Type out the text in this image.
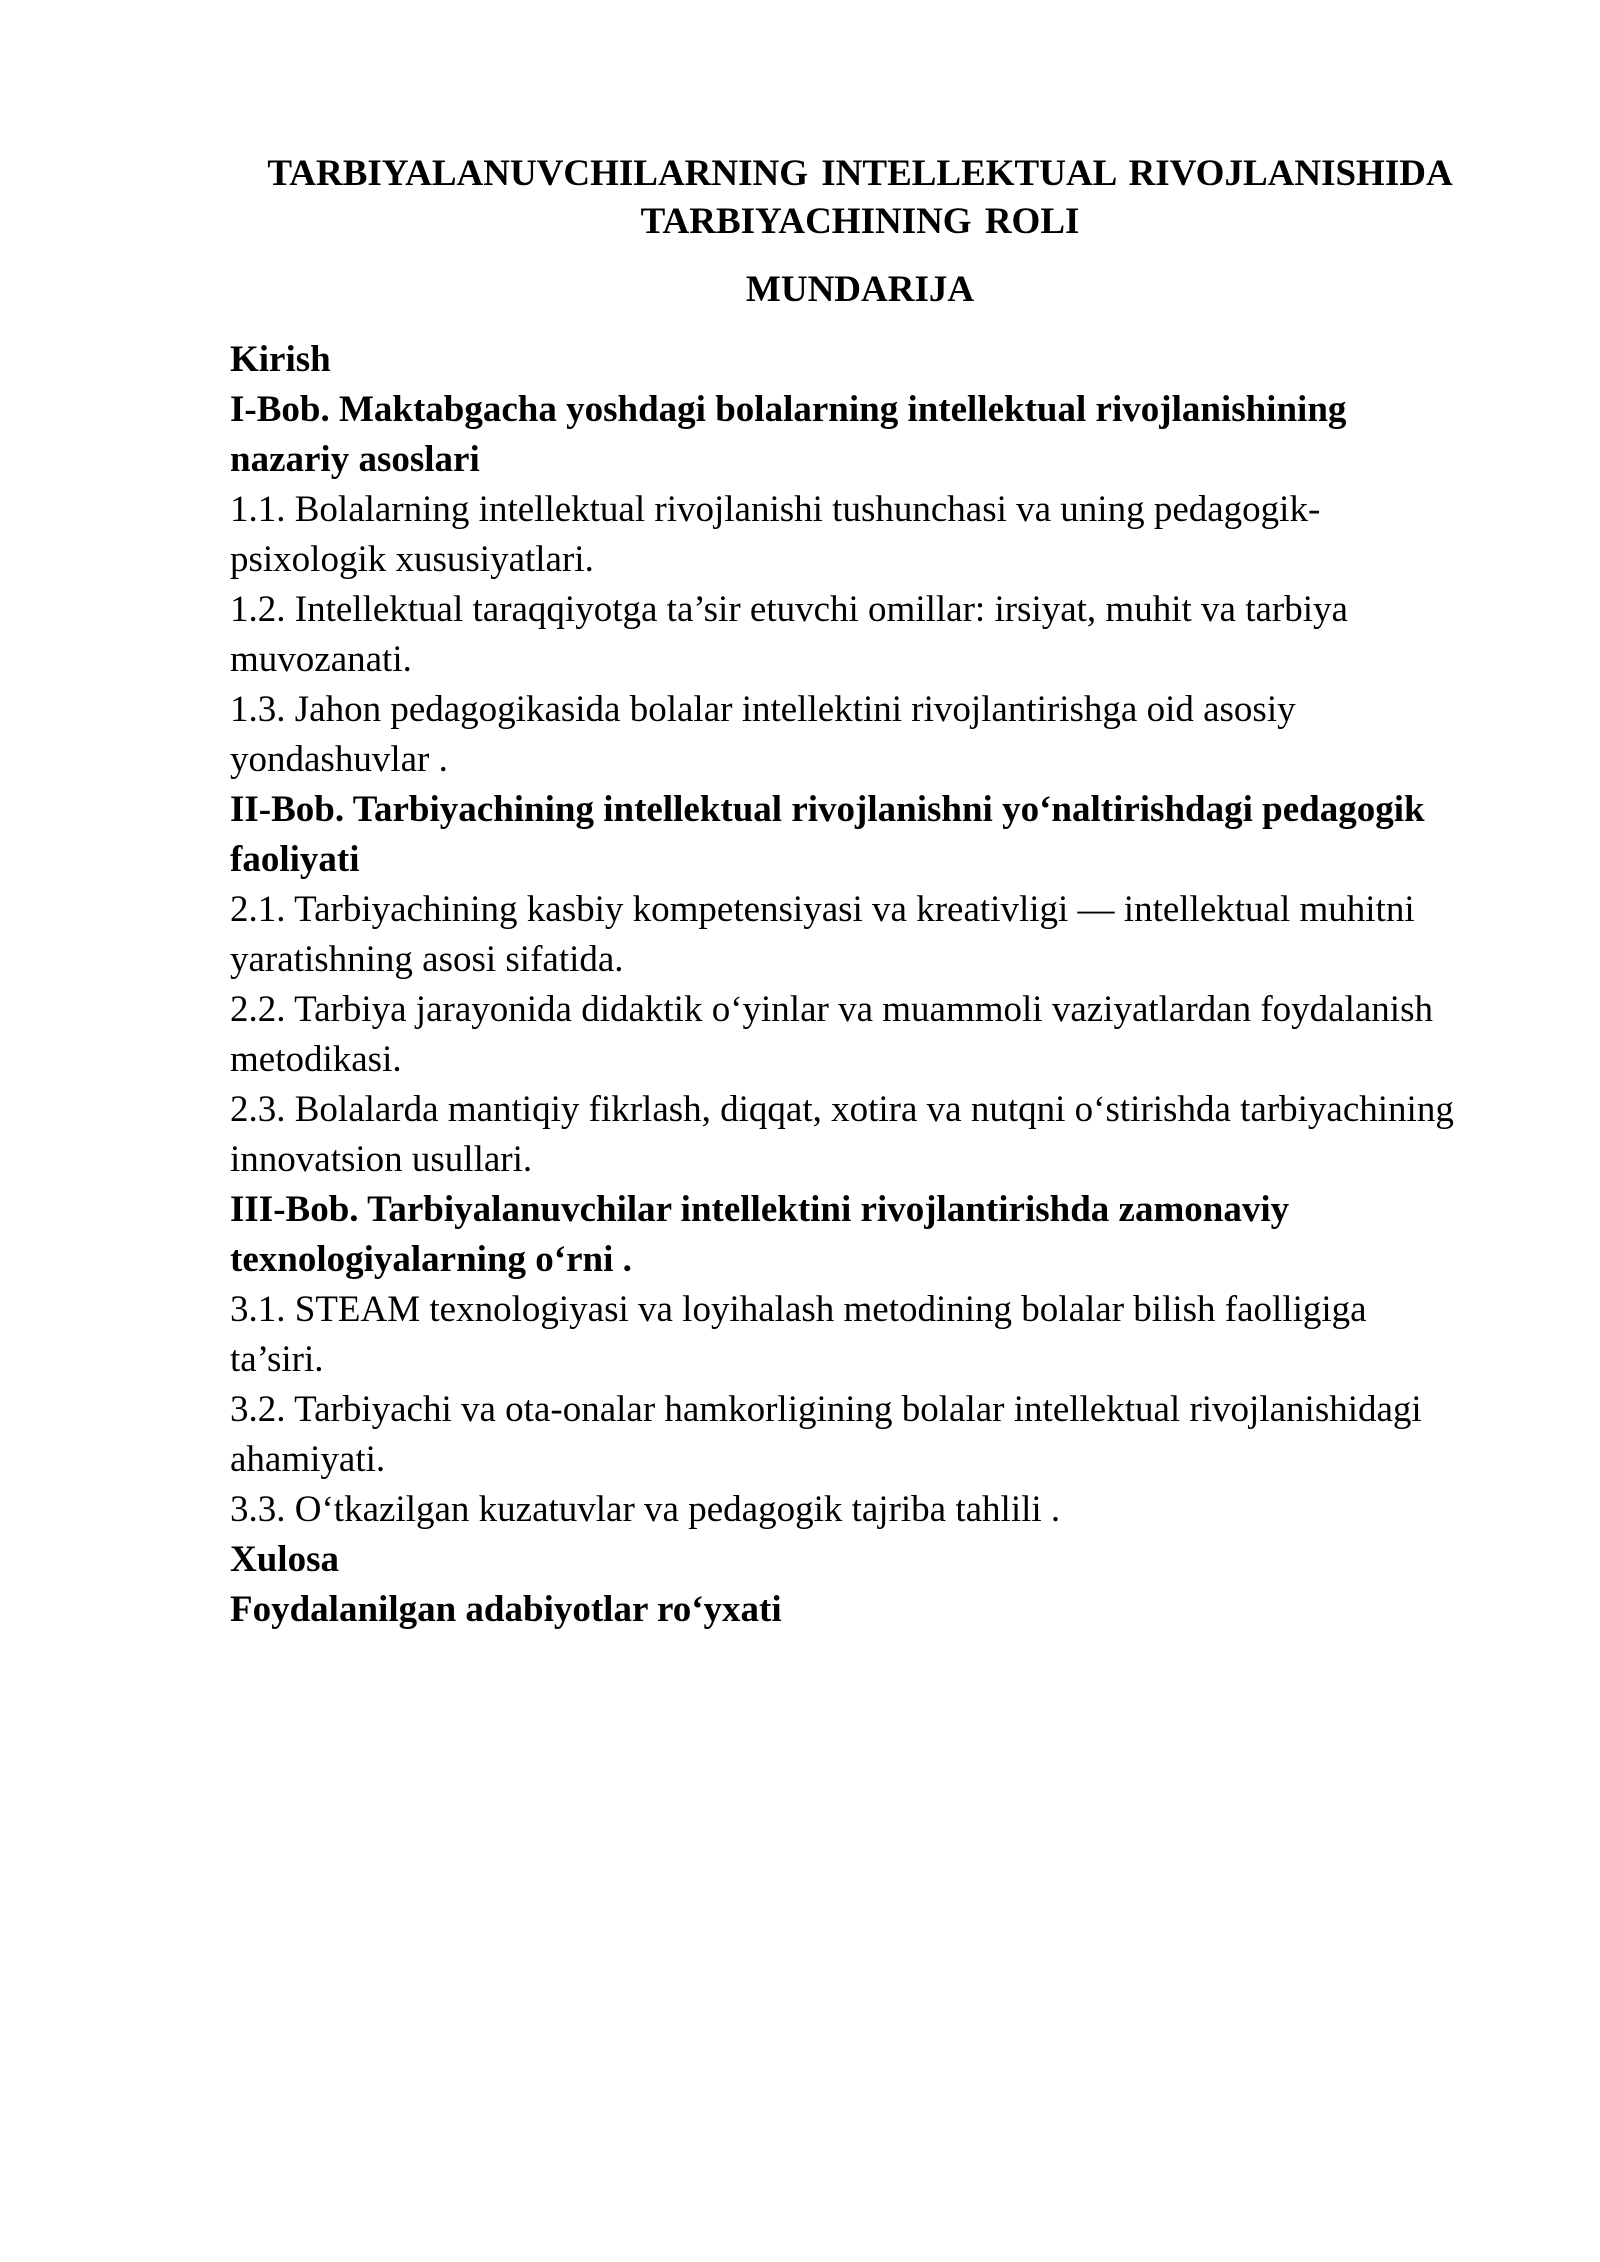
TARBIYALANUVCHILARNING INTELLEKTUAL RIVOJLANISHIDA
TARBIYACHINING ROLI
MUNDARIJA
Kirish
I-Bob. Maktabgacha yoshdagi bolalarning intellektual rivojlanishining
nazariy asoslari
1.1. Bolalarning intellektual rivojlanishi tushunchasi va uning pedagogik-
psixologik xususiyatlari.
1.2. Intellektual taraqqiyotga ta’sir etuvchi omillar: irsiyat, muhit va tarbiya
muvozanati.
1.3. Jahon pedagogikasida bolalar intellektini rivojlantirishga oid asosiy
yondashuvlar .
II-Bob. Tarbiyachining intellektual rivojlanishni yo‘naltirishdagi pedagogik
faoliyati
2.1. Tarbiyachining kasbiy kompetensiyasi va kreativligi — intellektual muhitni
yaratishning asosi sifatida.
2.2. Tarbiya jarayonida didaktik o‘yinlar va muammoli vaziyatlardan foydalanish
metodikasi.
2.3. Bolalarda mantiqiy fikrlash, diqqat, xotira va nutqni o‘stirishda tarbiyachining
innovatsion usullari.
III-Bob. Tarbiyalanuvchilar intellektini rivojlantirishda zamonaviy
texnologiyalarning o‘rni .
3.1. STEAM texnologiyasi va loyihalash metodining bolalar bilish faolligiga
ta’siri.
3.2. Tarbiyachi va ota-onalar hamkorligining bolalar intellektual rivojlanishidagi
ahamiyati.
3.3. O‘tkazilgan kuzatuvlar va pedagogik tajriba tahlili .
Xulosa
Foydalanilgan adabiyotlar ro‘yxati
